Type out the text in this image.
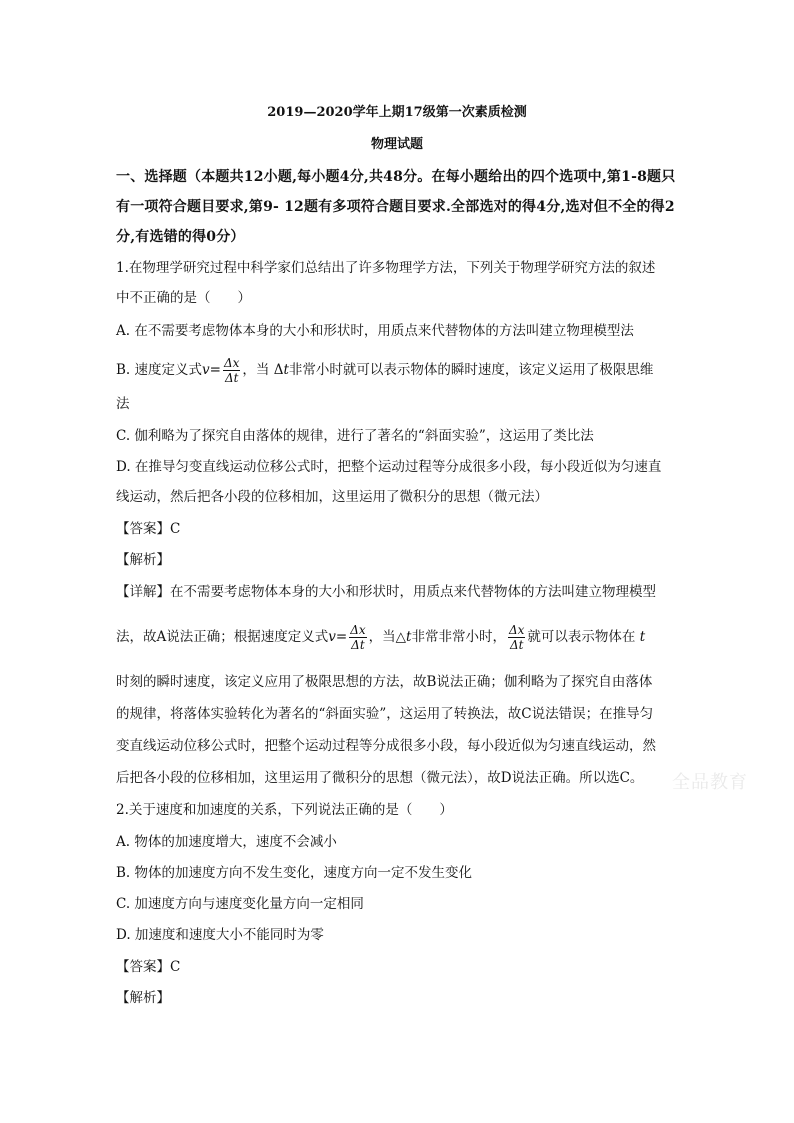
2019—2020学年上期17级第一次素质检测
物理试题
一、选择题（本题共12小题,每小题4分,共48分。在每小题给出的四个选项中,第1-8题只
有一项符合题目要求,第9- 12题有多项符合题目要求.全部选对的得4分,选对但不全的得2
分,有选错的得0分）
1.在物理学研究过程中科学家们总结出了许多物理学方法，下列关于物理学研究方法的叙述
中不正确的是（　　）
A. 在不需要考虑物体本身的大小和形状时，用质点来代替物体的方法叫建立物理模型法
B. 速度定义式$v= \frac{\Delta x}{\Delta t}$ ，当 Δt非常小时就可以表示物体的瞬时速度，该定义运用了极限思维
法
C. 伽利略为了探究自由落体的规律，进行了著名的“斜面实验”，这运用了类比法
D. 在推导匀变直线运动位移公式时，把整个运动过程等分成很多小段，每小段近似为匀速直
线运动，然后把各小段的位移相加，这里运用了微积分的思想（微元法）
【答案】C
【解析】
【详解】在不需要考虑物体本身的大小和形状时，用质点来代替物体的方法叫建立物理模型
法，故A说法正确；根据速度定义式$v= \frac{\Delta x}{\Delta t}$ ，当△t非常非常小时， $\frac{\Delta x}{\Delta t}$ 就可以表示物体在 t
时刻的瞬时速度，该定义应用了极限思想的方法，故B说法正确；伽利略为了探究自由落体
的规律，将落体实验转化为著名的“斜面实验”，这运用了转换法，故C说法错误；在推导匀
变直线运动位移公式时，把整个运动过程等分成很多小段，每小段近似为匀速直线运动，然
后把各小段的位移相加，这里运用了微积分的思想（微元法），故D说法正确。所以选C。	全品教育
2.关于速度和加速度的关系，下列说法正确的是（　　）
A. 物体的加速度增大，速度不会减小
B. 物体的加速度方向不发生变化，速度方向一定不发生变化
C. 加速度方向与速度变化量方向一定相同
D. 加速度和速度大小不能同时为零
【答案】C
【解析】
